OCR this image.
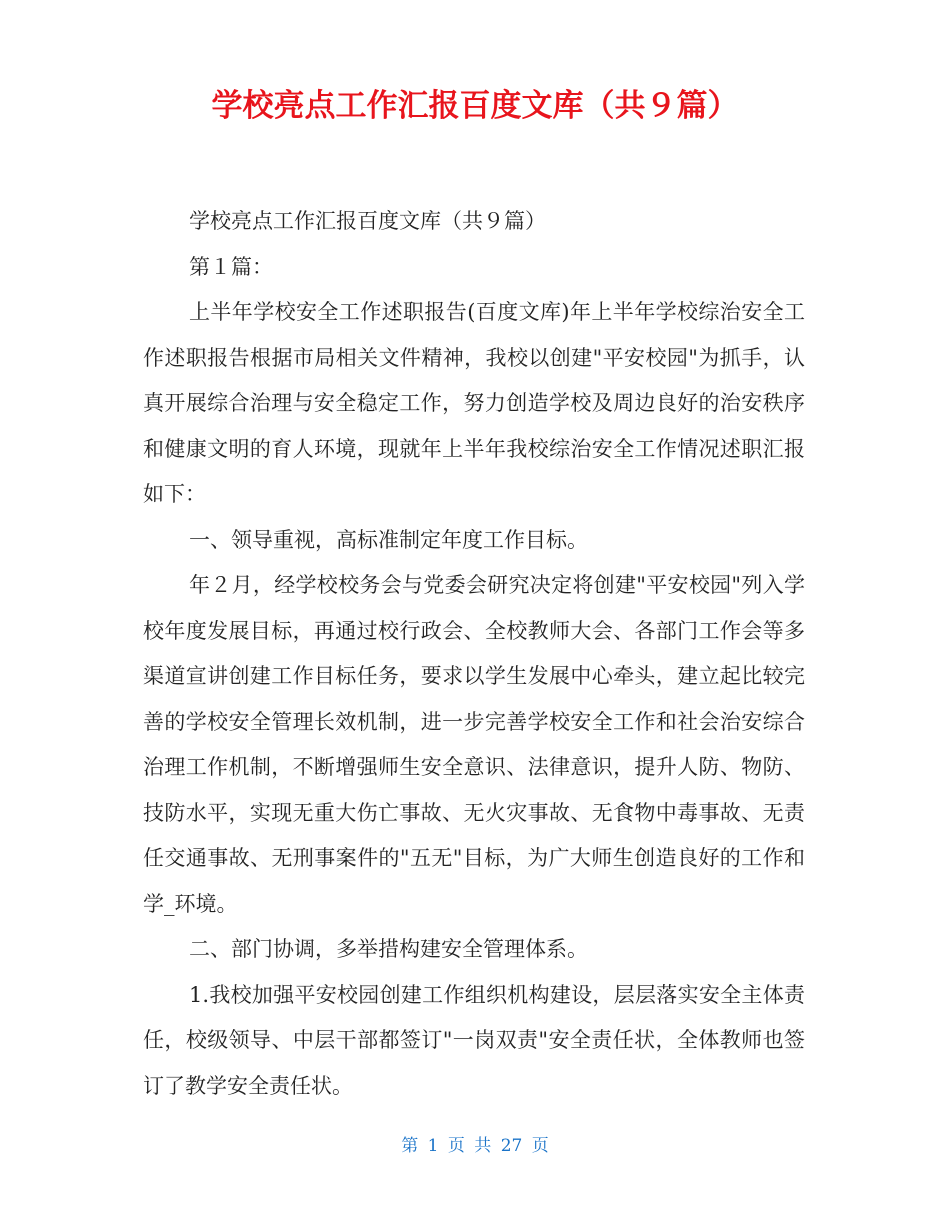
学校亮点工作汇报百度文库（共９篇）

学校亮点工作汇报百度文库（共９篇）

第１篇：

上半年学校安全工作述职报告(百度文库)年上半年学校综治安全工作述职报告根据市局相关文件精神，我校以创建"平安校园"为抓手，认真开展综合治理与安全稳定工作，努力创造学校及周边良好的治安秩序和健康文明的育人环境，现就年上半年我校综治安全工作情况述职汇报如下：

一、领导重视，高标准制定年度工作目标。

年２月，经学校校务会与党委会研究决定将创建"平安校园"列入学校年度发展目标，再通过校行政会、全校教师大会、各部门工作会等多渠道宣讲创建工作目标任务，要求以学生发展中心牵头，建立起比较完善的学校安全管理长效机制，进一步完善学校安全工作和社会治安综合治理工作机制，不断增强师生安全意识、法律意识，提升人防、物防、技防水平，实现无重大伤亡事故、无火灾事故、无食物中毒事故、无责任交通事故、无刑事案件的"五无"目标，为广大师生创造良好的工作和学_环境。

二、部门协调，多举措构建安全管理体系。

1.我校加强平安校园创建工作组织机构建设，层层落实安全主体责任，校级领导、中层干部都签订"一岗双责"安全责任状，全体教师也签订了教学安全责任状。

第 1 页 共 27 页
